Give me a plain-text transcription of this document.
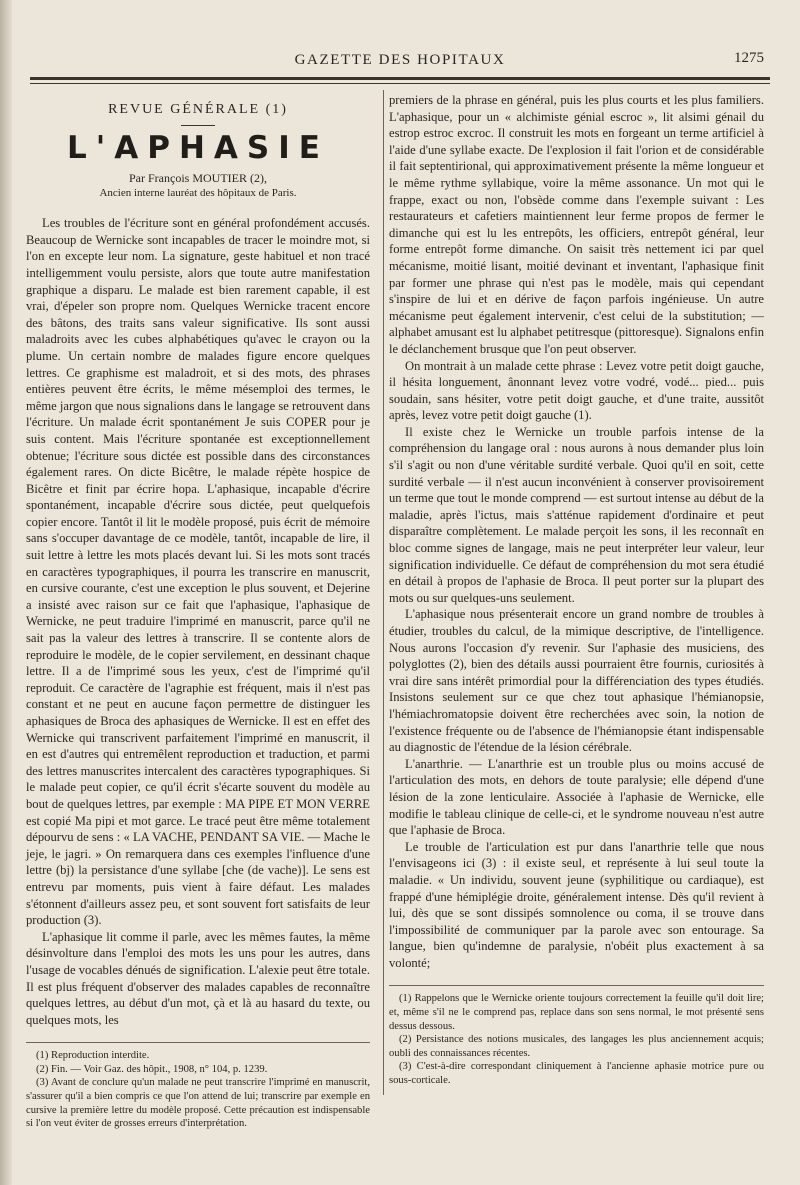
GAZETTE DES HOPITAUX	1275
REVUE GÉNÉRALE (1)
L'APHASIE
Par François MOUTIER (2),
Ancien interne lauréat des hôpitaux de Paris.

Les troubles de l'écriture sont en général profondément accusés. Beaucoup de Wernicke sont incapables de tracer le moindre mot, si l'on en excepte leur nom. La signature, geste habituel et non tracé intelligemment voulu persiste, alors que toute autre manifestation graphique a disparu. Le malade est bien rarement capable, il est vrai, d'épeler son propre nom. Quelques Wernicke tracent encore des bâtons, des traits sans valeur significative. Ils sont aussi maladroits avec les cubes alphabétiques qu'avec le crayon ou la plume. Un certain nombre de malades figure encore quelques lettres. Ce graphisme est maladroit, et si des mots, des phrases entières peuvent être écrits, le même mésemploi des termes, le même jargon que nous signalions dans le langage se retrouvent dans l'écriture. Un malade écrit spontanément Je suis COPER pour je suis content. Mais l'écriture spontanée est exceptionnellement obtenue; l'écriture sous dictée est possible dans des circonstances également rares. On dicte Bicêtre, le malade répète hospice de Bicêtre et finit par écrire hopa. L'aphasique, incapable d'écrire spontanément, incapable d'écrire sous dictée, peut quelquefois copier encore. Tantôt il lit le modèle proposé, puis écrit de mémoire sans s'occuper davantage de ce modèle, tantôt, incapable de lire, il suit lettre à lettre les mots placés devant lui. Si les mots sont tracés en caractères typographiques, il pourra les transcrire en manuscrit, en cursive courante, c'est une exception le plus souvent, et Dejerine a insisté avec raison sur ce fait que l'aphasique, l'aphasique de Wernicke, ne peut traduire l'imprimé en manuscrit, parce qu'il ne sait pas la valeur des lettres à transcrire. Il se contente alors de reproduire le modèle, de le copier servilement, en dessinant chaque lettre. Il a de l'imprimé sous les yeux, c'est de l'imprimé qu'il reproduit. Ce caractère de l'agraphie est fréquent, mais il n'est pas constant et ne peut en aucune façon permettre de distinguer les aphasiques de Broca des aphasiques de Wernicke. Il est en effet des Wernicke qui transcrivent parfaitement l'imprimé en manuscrit, il en est d'autres qui entremêlent reproduction et traduction, et parmi des lettres manuscrites intercalent des caractères typographiques. Si le malade peut copier, ce qu'il écrit s'écarte souvent du modèle au bout de quelques lettres, par exemple : MA PIPE ET MON VERRE est copié Ma pipi et mot garce. Le tracé peut être même totalement dépourvu de sens : « LA VACHE, PENDANT SA VIE. — Mache le jeje, le jagri. » On remarquera dans ces exemples l'influence d'une lettre (bj) la persistance d'une syllabe [che (de vache)]. Le sens est entrevu par moments, puis vient à faire défaut. Les malades s'étonnent d'ailleurs assez peu, et sont souvent fort satisfaits de leur production (3).

L'aphasique lit comme il parle, avec les mêmes fautes, la même désinvolture dans l'emploi des mots les uns pour les autres, dans l'usage de vocables dénués de signification. L'alexie peut être totale. Il est plus fréquent d'observer des malades capables de reconnaître quelques lettres, au début d'un mot, çà et là au hasard du texte, ou quelques mots, les

(1) Reproduction interdite.

(2) Fin. — Voir Gaz. des hôpit., 1908, n° 104, p. 1239.

(3) Avant de conclure qu'un malade ne peut transcrire l'imprimé en manuscrit, s'assurer qu'il a bien compris ce que l'on attend de lui; transcrire par exemple en cursive la première lettre du modèle proposé. Cette précaution est indispensable si l'on veut éviter de grosses erreurs d'interprétation.

premiers de la phrase en général, puis les plus courts et les plus familiers. L'aphasique, pour un « alchimiste génial escroc », lit alsimi génail du estrop estroc excroc. Il construit les mots en forgeant un terme artificiel à l'aide d'une syllabe exacte. De l'explosion il fait l'orion et de considérable il fait septentirional, qui approximativement présente la même longueur et le même rythme syllabique, voire la même assonance. Un mot qui le frappe, exact ou non, l'obsède comme dans l'exemple suivant : Les restaurateurs et cafetiers maintiennent leur ferme propos de fermer le dimanche qui est lu les entrepôts, les officiers, entrepôt général, leur forme entrepôt forme dimanche. On saisit très nettement ici par quel mécanisme, moitié lisant, moitié devinant et inventant, l'aphasique finit par former une phrase qui n'est pas le modèle, mais qui cependant s'inspire de lui et en dérive de façon parfois ingénieuse. Un autre mécanisme peut également intervenir, c'est celui de la substitution; — alphabet amusant est lu alphabet petitresque (pittoresque). Signalons enfin le déclanchement brusque que l'on peut observer.

On montrait à un malade cette phrase : Levez votre petit doigt gauche, il hésita longuement, ânonnant levez votre vodré, vodé... pied... puis soudain, sans hésiter, votre petit doigt gauche, et d'une traite, aussitôt après, levez votre petit doigt gauche (1).

Il existe chez le Wernicke un trouble parfois intense de la compréhension du langage oral : nous aurons à nous demander plus loin s'il s'agit ou non d'une véritable surdité verbale. Quoi qu'il en soit, cette surdité verbale — il n'est aucun inconvénient à conserver provisoirement un terme que tout le monde comprend — est surtout intense au début de la maladie, après l'ictus, mais s'atténue rapidement d'ordinaire et peut disparaître complètement. Le malade perçoit les sons, il les reconnaît en bloc comme signes de langage, mais ne peut interpréter leur valeur, leur signification individuelle. Ce défaut de compréhension du mot sera étudié en détail à propos de l'aphasie de Broca. Il peut porter sur la plupart des mots ou sur quelques-uns seulement.

L'aphasique nous présenterait encore un grand nombre de troubles à étudier, troubles du calcul, de la mimique descriptive, de l'intelligence. Nous aurons l'occasion d'y revenir. Sur l'aphasie des musiciens, des polyglottes (2), bien des détails aussi pourraient être fournis, curiosités à vrai dire sans intérêt primordial pour la différenciation des types étudiés. Insistons seulement sur ce que chez tout aphasique l'hémianopsie, l'hémiachromatopsie doivent être recherchées avec soin, la notion de l'existence fréquente ou de l'absence de l'hémianopsie étant indispensable au diagnostic de l'étendue de la lésion cérébrale.

L'anarthrie. — L'anarthrie est un trouble plus ou moins accusé de l'articulation des mots, en dehors de toute paralysie; elle dépend d'une lésion de la zone lenticulaire. Associée à l'aphasie de Wernicke, elle modifie le tableau clinique de celle-ci, et le syndrome nouveau n'est autre que l'aphasie de Broca.

Le trouble de l'articulation est pur dans l'anarthrie telle que nous l'envisageons ici (3) : il existe seul, et représente à lui seul toute la maladie. « Un individu, souvent jeune (syphilitique ou cardiaque), est frappé d'une hémiplégie droite, généralement intense. Dès qu'il revient à lui, dès que se sont dissipés somnolence ou coma, il se trouve dans l'impossibilité de communiquer par la parole avec son entourage. Sa langue, bien qu'indemne de paralysie, n'obéit plus exactement à sa volonté;

(1) Rappelons que le Wernicke oriente toujours correctement la feuille qu'il doit lire; et, même s'il ne le comprend pas, replace dans son sens normal, le mot présenté sens dessus dessous.

(2) Persistance des notions musicales, des langages les plus anciennement acquis; oubli des connaissances récentes.

(3) C'est-à-dire correspondant cliniquement à l'ancienne aphasie motrice pure ou sous-corticale.
